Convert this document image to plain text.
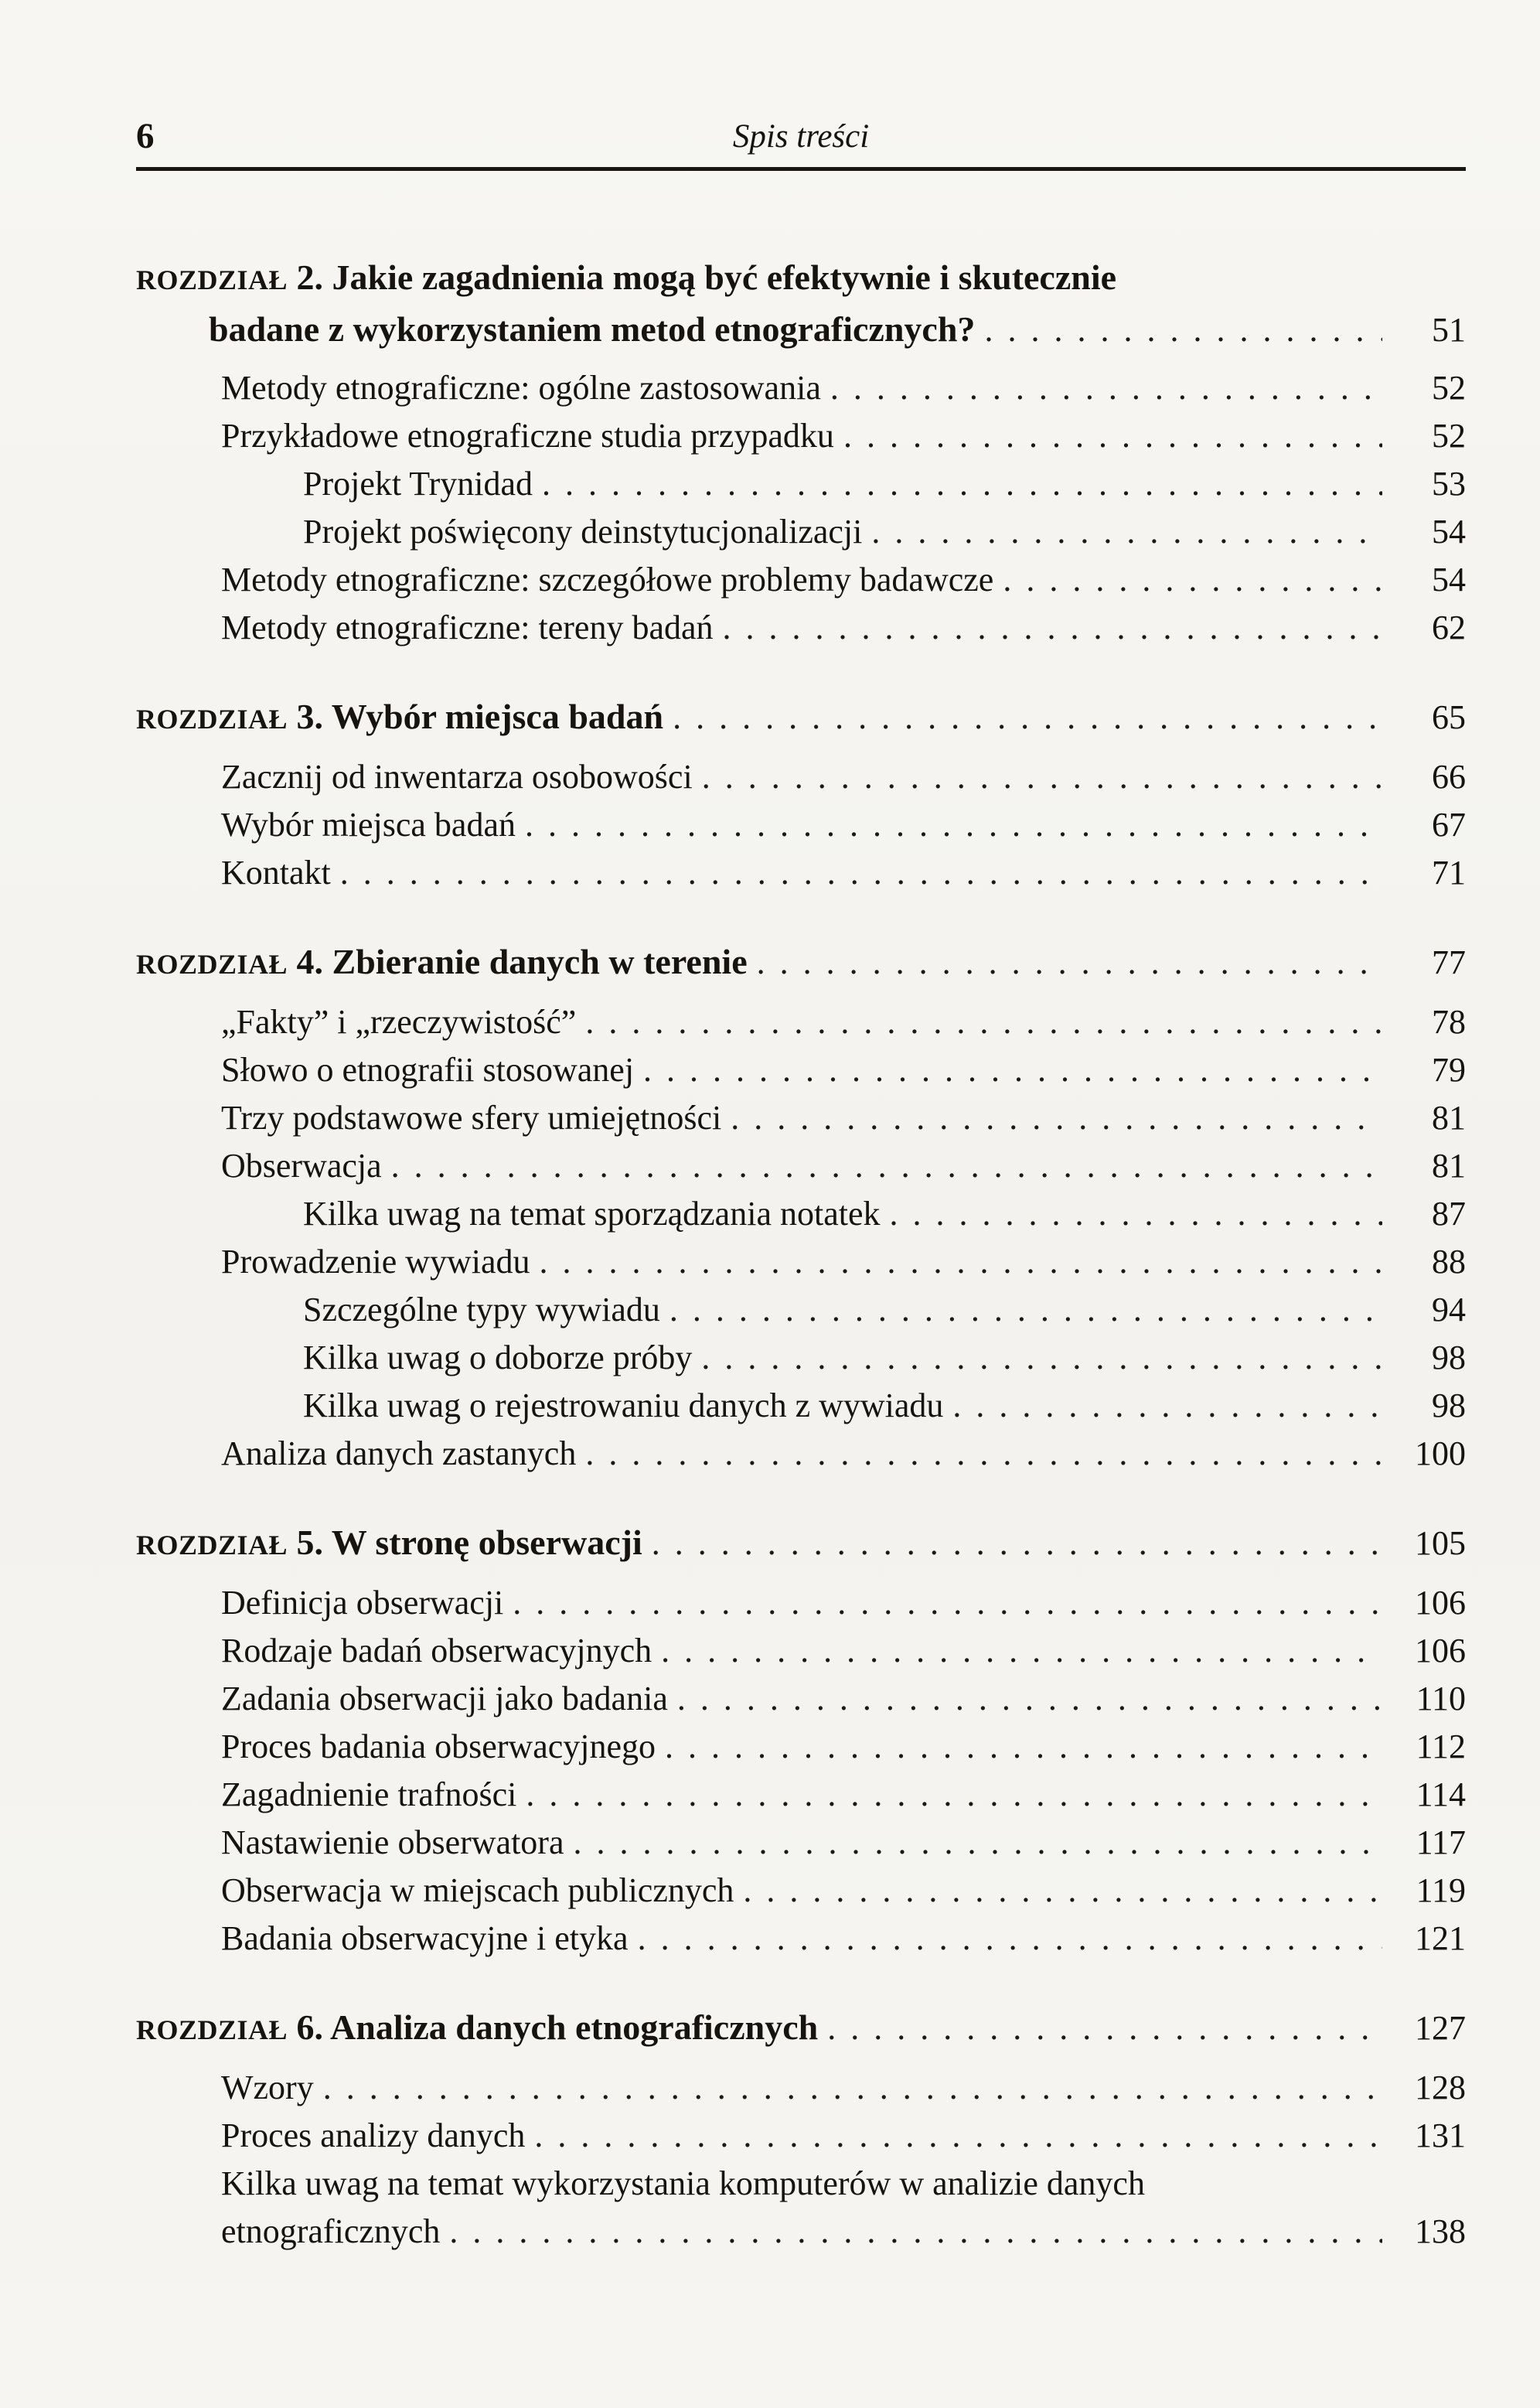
6	Spis treści
ROZDZIAŁ 2. Jakie zagadnienia mogą być efektywnie i skutecznie
badane z wykorzystaniem metod etnograficznych? . . .	51
Metody etnograficzne: ogólne zastosowania . . .	52
Przykładowe etnograficzne studia przypadku . . .	52
Projekt Trynidad . . .	53
Projekt poświęcony deinstytucjonalizacji . . .	54
Metody etnograficzne: szczegółowe problemy badawcze . . .	54
Metody etnograficzne: tereny badań . . .	62
ROZDZIAŁ 3. Wybór miejsca badań . . .	65
Zacznij od inwentarza osobowości . . .	66
Wybór miejsca badań . . .	67
Kontakt . . .	71
ROZDZIAŁ 4. Zbieranie danych w terenie . . .	77
„Fakty” i „rzeczywistość” . . .	78
Słowo o etnografii stosowanej . . .	79
Trzy podstawowe sfery umiejętności . . .	81
Obserwacja . . .	81
Kilka uwag na temat sporządzania notatek . . .	87
Prowadzenie wywiadu . . .	88
Szczególne typy wywiadu . . .	94
Kilka uwag o doborze próby . . .	98
Kilka uwag o rejestrowaniu danych z wywiadu . . .	98
Analiza danych zastanych . . .	100
ROZDZIAŁ 5. W stronę obserwacji . . .	105
Definicja obserwacji . . .	106
Rodzaje badań obserwacyjnych . . .	106
Zadania obserwacji jako badania . . .	110
Proces badania obserwacyjnego . . .	112
Zagadnienie trafności . . .	114
Nastawienie obserwatora . . .	117
Obserwacja w miejscach publicznych . . .	119
Badania obserwacyjne i etyka . . .	121
ROZDZIAŁ 6. Analiza danych etnograficznych . . .	127
Wzory . . .	128
Proces analizy danych . . .	131
Kilka uwag na temat wykorzystania komputerów w analizie danych
etnograficznych . . .	138
